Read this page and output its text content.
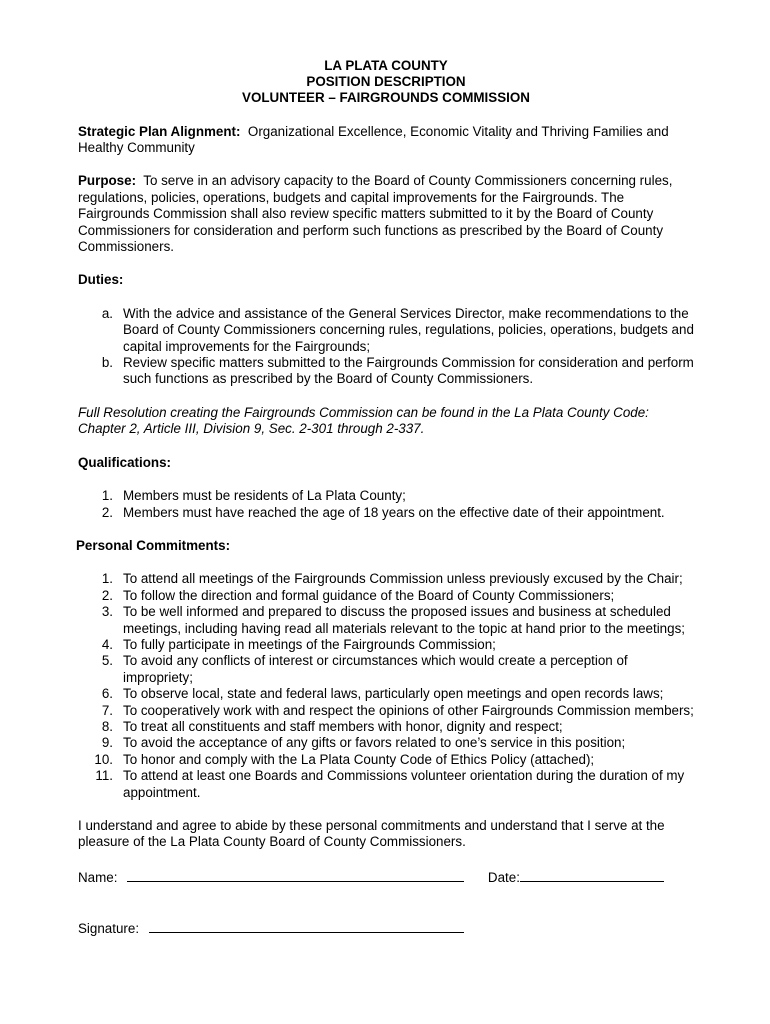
LA PLATA COUNTY
POSITION DESCRIPTION
VOLUNTEER – FAIRGROUNDS COMMISSION

Strategic Plan Alignment: Organizational Excellence, Economic Vitality and Thriving Families and Healthy Community

Purpose: To serve in an advisory capacity to the Board of County Commissioners concerning rules, regulations, policies, operations, budgets and capital improvements for the Fairgrounds. The Fairgrounds Commission shall also review specific matters submitted to it by the Board of County Commissioners for consideration and perform such functions as prescribed by the Board of County Commissioners.

Duties:

a. With the advice and assistance of the General Services Director, make recommendations to the Board of County Commissioners concerning rules, regulations, policies, operations, budgets and capital improvements for the Fairgrounds;
b. Review specific matters submitted to the Fairgrounds Commission for consideration and perform such functions as prescribed by the Board of County Commissioners.

Full Resolution creating the Fairgrounds Commission can be found in the La Plata County Code: Chapter 2, Article III, Division 9, Sec. 2-301 through 2-337.

Qualifications:

1. Members must be residents of La Plata County;
2. Members must have reached the age of 18 years on the effective date of their appointment.

Personal Commitments:

1. To attend all meetings of the Fairgrounds Commission unless previously excused by the Chair;
2. To follow the direction and formal guidance of the Board of County Commissioners;
3. To be well informed and prepared to discuss the proposed issues and business at scheduled meetings, including having read all materials relevant to the topic at hand prior to the meetings;
4. To fully participate in meetings of the Fairgrounds Commission;
5. To avoid any conflicts of interest or circumstances which would create a perception of impropriety;
6. To observe local, state and federal laws, particularly open meetings and open records laws;
7. To cooperatively work with and respect the opinions of other Fairgrounds Commission members;
8. To treat all constituents and staff members with honor, dignity and respect;
9. To avoid the acceptance of any gifts or favors related to one’s service in this position;
10. To honor and comply with the La Plata County Code of Ethics Policy (attached);
11. To attend at least one Boards and Commissions volunteer orientation during the duration of my appointment.

I understand and agree to abide by these personal commitments and understand that I serve at the pleasure of the La Plata County Board of County Commissioners.

Name:	Date:
Signature:
